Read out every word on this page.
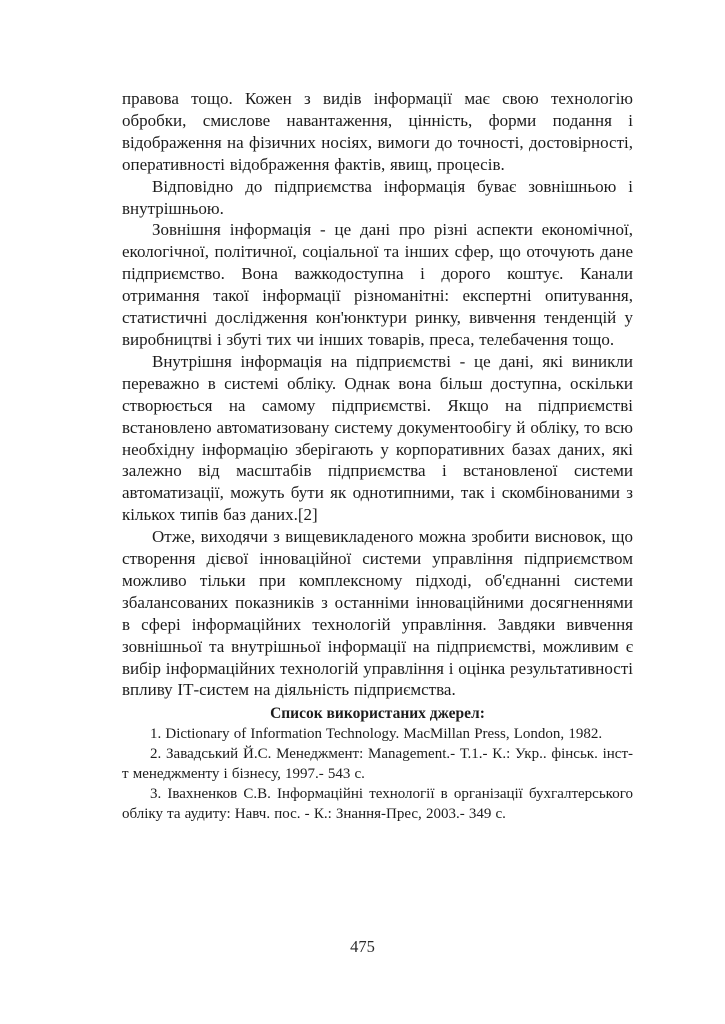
правова тощо. Кожен з видів інформації має свою технологію обробки, смислове навантаження, цінність, форми подання і відображення на фізичних носіях, вимоги до точності, достовірності, оперативності відображення фактів, явищ, процесів.

Відповідно до підприємства інформація буває зовнішньою і внутрішньою.

Зовнішня інформація - це дані про різні аспекти економічної, екологічної, політичної, соціальної та інших сфер, що оточують дане підприємство. Вона важкодоступна і дорого коштує. Канали отримання такої інформації різноманітні: експертні опитування, статистичні дослідження кон'юнктури ринку, вивчення тенденцій у виробництві і збуті тих чи інших товарів, преса, телебачення тощо.

Внутрішня інформація на підприємстві - це дані, які виникли переважно в системі обліку. Однак вона більш доступна, оскільки створюється на самому підприємстві. Якщо на підприємстві встановлено автоматизовану систему документообігу й обліку, то всю необхідну інформацію зберігають у корпоративних базах даних, які залежно від масштабів підприємства і встановленої системи автоматизації, можуть бути як однотипними, так і скомбінованими з кількох типів баз даних.[2]

Отже, виходячи з вищевикладеного можна зробити висновок, що створення дієвої інноваційної системи управління підприємством можливо тільки при комплексному підході, об'єднанні системи збалансованих показників з останніми інноваційними досягненнями в сфері інформаційних технологій управління. Завдяки вивчення зовнішньої та внутрішньої інформації на підприємстві, можливим є вибір інформаційних технологій управління і оцінка результативності впливу ІТ-систем на діяльність підприємства.

Список використаних джерел:

1. Dictionary of Information Technology. MacMillan Press, London, 1982.

2. Завадський Й.С. Менеджмент: Management.- Т.1.- К.: Укр.. фінськ. інст-т менеджменту і бізнесу, 1997.- 543 с.

3. Івахненков С.В. Інформаційні технології в організації бухгалтерського обліку та аудиту: Навч. пос. - К.: Знання-Прес, 2003.- 349 с.

475
